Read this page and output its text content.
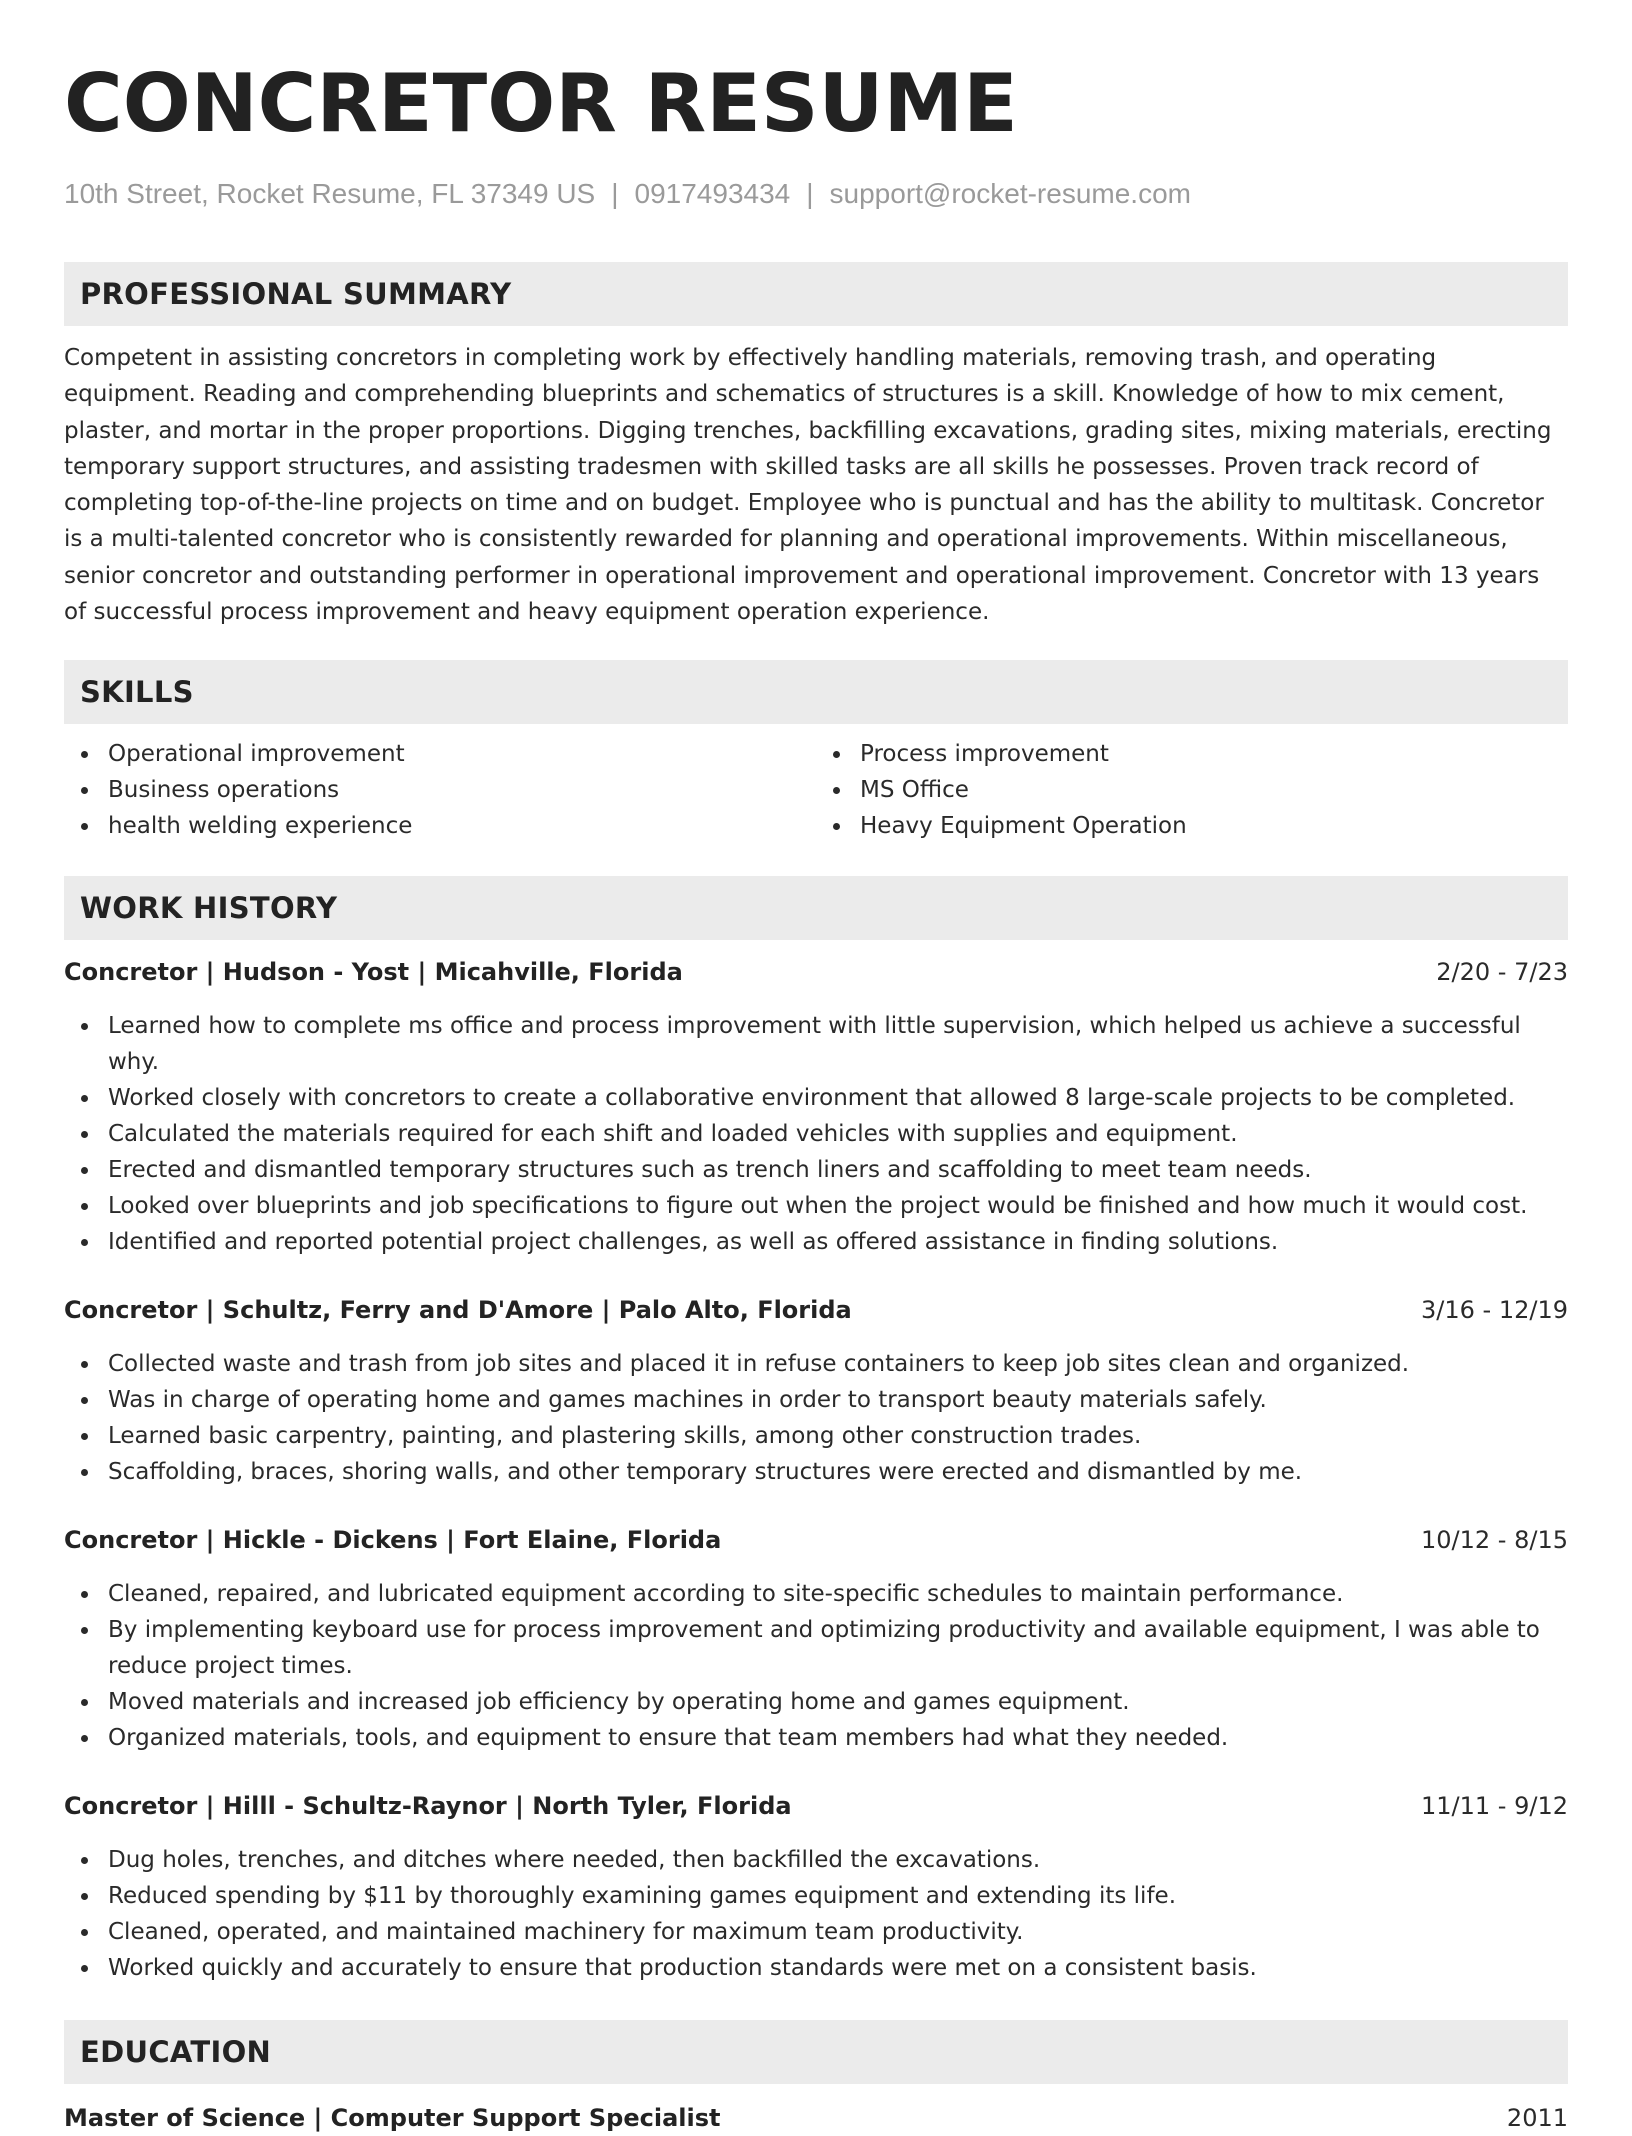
CONCRETOR RESUME
10th Street, Rocket Resume, FL 37349 US | 0917493434 | support@rocket-resume.com
PROFESSIONAL SUMMARY

Competent in assisting concretors in completing work by effectively handling materials, removing trash, and operating equipment. Reading and comprehending blueprints and schematics of structures is a skill. Knowledge of how to mix cement, plaster, and mortar in the proper proportions. Digging trenches, backfilling excavations, grading sites, mixing materials, erecting temporary support structures, and assisting tradesmen with skilled tasks are all skills he possesses. Proven track record of completing top-of-the-line projects on time and on budget. Employee who is punctual and has the ability to multitask. Concretor is a multi-talented concretor who is consistently rewarded for planning and operational improvements. Within miscellaneous, senior concretor and outstanding performer in operational improvement and operational improvement. Concretor with 13 years of successful process improvement and heavy equipment operation experience.

SKILLS
Operational improvement
Business operations
health welding experience
Process improvement
MS Office
Heavy Equipment Operation
WORK HISTORY
Concretor | Hudson - Yost | Micahville, Florida	2/20 - 7/23
Learned how to complete ms office and process improvement with little supervision, which helped us achieve a successful why.
Worked closely with concretors to create a collaborative environment that allowed 8 large-scale projects to be completed.
Calculated the materials required for each shift and loaded vehicles with supplies and equipment.
Erected and dismantled temporary structures such as trench liners and scaffolding to meet team needs.
Looked over blueprints and job specifications to figure out when the project would be finished and how much it would cost.
Identified and reported potential project challenges, as well as offered assistance in finding solutions.
Concretor | Schultz, Ferry and D'Amore | Palo Alto, Florida	3/16 - 12/19
Collected waste and trash from job sites and placed it in refuse containers to keep job sites clean and organized.
Was in charge of operating home and games machines in order to transport beauty materials safely.
Learned basic carpentry, painting, and plastering skills, among other construction trades.
Scaffolding, braces, shoring walls, and other temporary structures were erected and dismantled by me.
Concretor | Hickle - Dickens | Fort Elaine, Florida	10/12 - 8/15
Cleaned, repaired, and lubricated equipment according to site-specific schedules to maintain performance.
By implementing keyboard use for process improvement and optimizing productivity and available equipment, I was able to reduce project times.
Moved materials and increased job efficiency by operating home and games equipment.
Organized materials, tools, and equipment to ensure that team members had what they needed.
Concretor | Hilll - Schultz-Raynor | North Tyler, Florida	11/11 - 9/12
Dug holes, trenches, and ditches where needed, then backfilled the excavations.
Reduced spending by $11 by thoroughly examining games equipment and extending its life.
Cleaned, operated, and maintained machinery for maximum team productivity.
Worked quickly and accurately to ensure that production standards were met on a consistent basis.
EDUCATION
Master of Science | Computer Support Specialist	2011
